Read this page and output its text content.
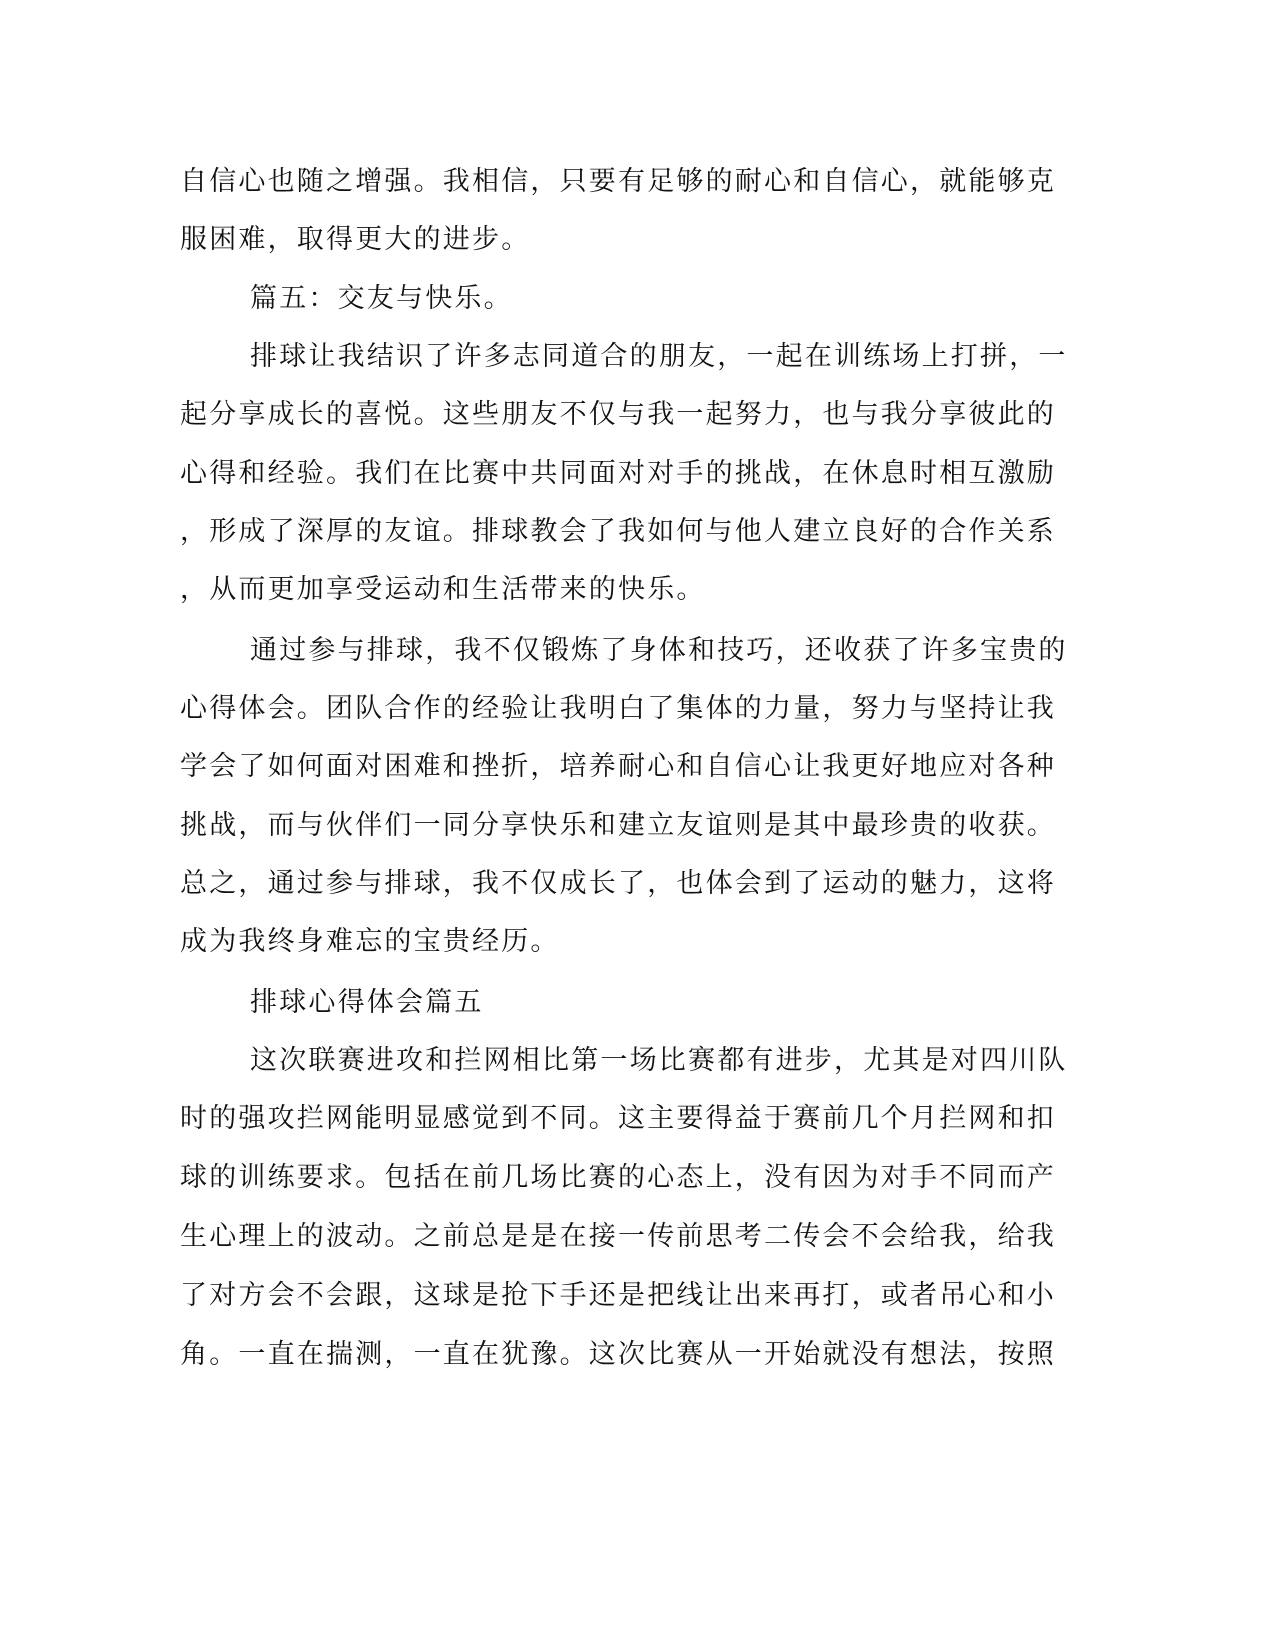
自信心也随之增强。我相信，只要有足够的耐心和自信心，就能够克

服困难，取得更大的进步。

篇五：交友与快乐。

排球让我结识了许多志同道合的朋友，一起在训练场上打拼，一

起分享成长的喜悦。这些朋友不仅与我一起努力，也与我分享彼此的

心得和经验。我们在比赛中共同面对对手的挑战，在休息时相互激励

，形成了深厚的友谊。排球教会了我如何与他人建立良好的合作关系

，从而更加享受运动和生活带来的快乐。

通过参与排球，我不仅锻炼了身体和技巧，还收获了许多宝贵的

心得体会。团队合作的经验让我明白了集体的力量，努力与坚持让我

学会了如何面对困难和挫折，培养耐心和自信心让我更好地应对各种

挑战，而与伙伴们一同分享快乐和建立友谊则是其中最珍贵的收获。

总之，通过参与排球，我不仅成长了，也体会到了运动的魅力，这将

成为我终身难忘的宝贵经历。

排球心得体会篇五

这次联赛进攻和拦网相比第一场比赛都有进步，尤其是对四川队

时的强攻拦网能明显感觉到不同。这主要得益于赛前几个月拦网和扣

球的训练要求。包括在前几场比赛的心态上，没有因为对手不同而产

生心理上的波动。之前总是是在接一传前思考二传会不会给我，给我

了对方会不会跟，这球是抢下手还是把线让出来再打，或者吊心和小

角。一直在揣测，一直在犹豫。这次比赛从一开始就没有想法，按照
